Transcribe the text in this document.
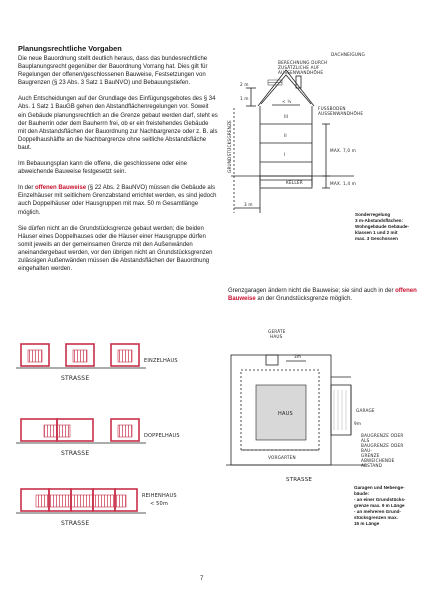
Planungsrechtliche Vorgaben

Die neue Bauordnung stellt deutlich heraus, dass das bundesrechtliche Bauplanungsrecht gegenüber der Bauordnung Vorrang hat. Dies gilt für Regelungen der offenen/geschlossenen Bauweise, Festsetzungen von Baugrenzen (§ 23 Abs. 3 Satz 1 BauNVO) und Bebauungstiefen.

Auch Entscheidungen auf der Grundlage des Einfügungsgebotes des § 34 Abs. 1 Satz 1 BauGB gehen den Abstandflächenregelungen vor. Soweit ein Gebäude planungsrechtlich an die Grenze gebaut werden darf, steht es der Bauherrin oder dem Bauherrn frei, ob er ein freistehendes Gebäude mit den Abstandsflächen der Bauordnung zur Nachbargrenze oder z. B. als Doppelhaushälfte an die Nachbargrenze ohne seitliche Abstandsfläche baut.

Im Bebauungsplan kann die offene, die geschlossene oder eine abweichende Bauweise festgesetzt sein.

In der offenen Bauweise (§ 22 Abs. 2 BauNVO) müssen die Gebäude als Einzelhäuser mit seitlichem Grenzabstand errichtet werden, es sind jedoch auch Doppelhäuser oder Hausgruppen mit max. 50 m Gesamtlänge möglich.

Sie dürfen nicht an die Grundstücksgrenze gebaut werden; die beiden Häuser eines Doppelhauses oder die Häuser einer Hausgruppe dürfen somit jeweils an der gemeinsamen Grenze mit den Außenwänden aneinandergebaut werden, vor den übrigen nicht an Grundstücksgrenzen zulässigen Außenwänden müssen die Abstandsflächen der Bauordnung eingehalten werden.

DACHNEIGUNG
BERECHNUNG DURCH
ZUSÄTZLICHE AUF
AUSSENWANDHÖHE
III
II
I
KELLER
FUSSBODEN
AUSSENWANDHÖHE
MAX. 7,0 m
MAX. 1,4 m
3 m
< ½
2 m
1 m
GRUNDSTÜCKSGRENZE
Sonderregelung
3 m-Abstandsflächen:
Wohngebäude Gebäude-
klassen 1 und 2 mit
max. 3 Geschossen

Grenzgaragen ändern nicht die Bauweise; sie sind auch in der offenen Bauweise an der Grundstücksgrenze möglich.

STRASSE
EINZELHAUS
STRASSE
DOPPELHAUS
STRASSE
REIHENHAUS
< 50m
GERÄTE
HAUS
HAUS
GARAGE
VORGARTEN
STRASSE
3m
9m
BAUGRENZE ODER
ALS
BAUGRENZE ODER
BAU-
GRENZE
ABWEICHENDE
ABSTAND
Garagen und Nebenge-
bäude:
- an einer Grundstücks-
grenze max. 9 m Länge
- an mehreren Grund-
stücksgrenzen max.
15 m Länge
7
